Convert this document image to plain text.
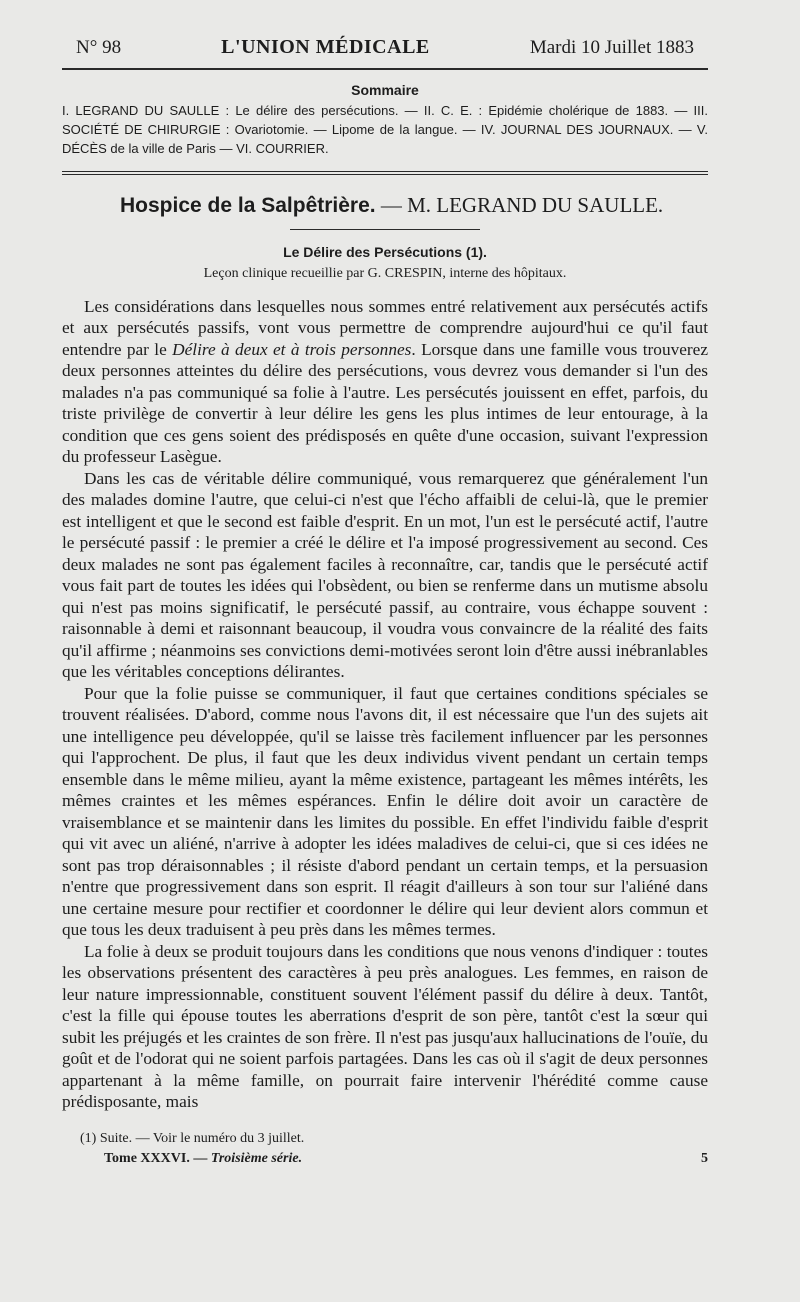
N° 98	L'UNION MÉDICALE	Mardi 10 Juillet 1883
Sommaire
I. LEGRAND DU SAULLE : Le délire des persécutions. — II. C. E. : Epidémie cholérique de 1883. — III. SOCIÉTÉ DE CHIRURGIE : Ovariotomie. — Lipome de la langue. — IV. JOURNAL DES JOURNAUX. — V. DÉCÈS de la ville de Paris — VI. COURRIER.
Hospice de la Salpêtrière. — M. LEGRAND DU SAULLE.
Le Délire des Persécutions (1).
Leçon clinique recueillie par G. CRESPIN, interne des hôpitaux.

Les considérations dans lesquelles nous sommes entré relativement aux persécutés actifs et aux persécutés passifs, vont vous permettre de comprendre aujourd'hui ce qu'il faut entendre par le Délire à deux et à trois personnes. Lorsque dans une famille vous trouverez deux personnes atteintes du délire des persécutions, vous devrez vous demander si l'un des malades n'a pas communiqué sa folie à l'autre. Les persécutés jouissent en effet, parfois, du triste privilège de convertir à leur délire les gens les plus intimes de leur entourage, à la condition que ces gens soient des prédisposés en quête d'une occasion, suivant l'expression du professeur Lasègue.

Dans les cas de véritable délire communiqué, vous remarquerez que généralement l'un des malades domine l'autre, que celui-ci n'est que l'écho affaibli de celui-là, que le premier est intelligent et que le second est faible d'esprit. En un mot, l'un est le persécuté actif, l'autre le persécuté passif : le premier a créé le délire et l'a imposé progressivement au second. Ces deux malades ne sont pas également faciles à reconnaître, car, tandis que le persécuté actif vous fait part de toutes les idées qui l'obsèdent, ou bien se renferme dans un mutisme absolu qui n'est pas moins significatif, le persécuté passif, au contraire, vous échappe souvent : raisonnable à demi et raisonnant beaucoup, il voudra vous convaincre de la réalité des faits qu'il affirme ; néanmoins ses convictions demi-motivées seront loin d'être aussi inébranlables que les véritables conceptions délirantes.

Pour que la folie puisse se communiquer, il faut que certaines conditions spéciales se trouvent réalisées. D'abord, comme nous l'avons dit, il est nécessaire que l'un des sujets ait une intelligence peu développée, qu'il se laisse très facilement influencer par les personnes qui l'approchent. De plus, il faut que les deux individus vivent pendant un certain temps ensemble dans le même milieu, ayant la même existence, partageant les mêmes intérêts, les mêmes craintes et les mêmes espérances. Enfin le délire doit avoir un caractère de vraisemblance et se maintenir dans les limites du possible. En effet l'individu faible d'esprit qui vit avec un aliéné, n'arrive à adopter les idées maladives de celui-ci, que si ces idées ne sont pas trop déraisonnables ; il résiste d'abord pendant un certain temps, et la persuasion n'entre que progressivement dans son esprit. Il réagit d'ailleurs à son tour sur l'aliéné dans une certaine mesure pour rectifier et coordonner le délire qui leur devient alors commun et que tous les deux traduisent à peu près dans les mêmes termes.

La folie à deux se produit toujours dans les conditions que nous venons d'indiquer : toutes les observations présentent des caractères à peu près analogues. Les femmes, en raison de leur nature impressionnable, constituent souvent l'élément passif du délire à deux. Tantôt, c'est la fille qui épouse toutes les aberrations d'esprit de son père, tantôt c'est la sœur qui subit les préjugés et les craintes de son frère. Il n'est pas jusqu'aux hallucinations de l'ouïe, du goût et de l'odorat qui ne soient parfois partagées. Dans les cas où il s'agit de deux personnes appartenant à la même famille, on pourrait faire intervenir l'hérédité comme cause prédisposante, mais

(1) Suite. — Voir le numéro du 3 juillet.
Tome XXXVI. — Troisième série.	5
